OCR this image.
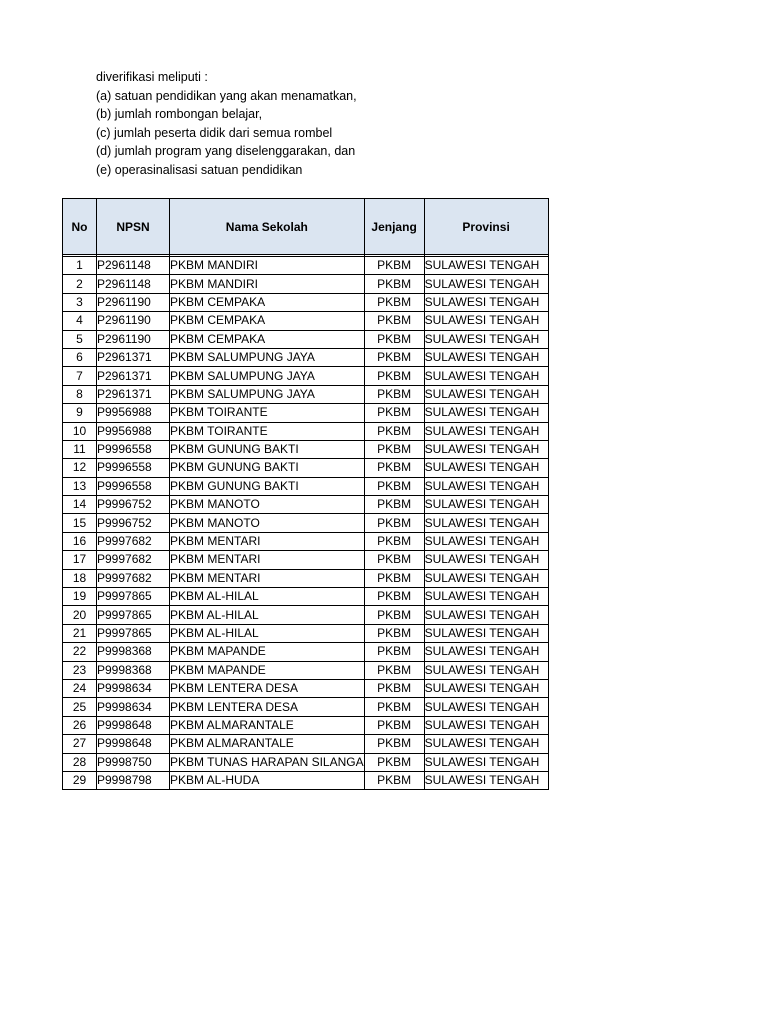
diverifikasi meliputi :
(a) satuan pendidikan yang akan menamatkan,
(b) jumlah rombongan belajar,
(c) jumlah peserta didik dari semua rombel
(d) jumlah program yang diselenggarakan, dan
(e) operasinalisasi satuan pendidikan
No	NPSN	Nama Sekolah	Jenjang	Provinsi

1	P2961148	PKBM MANDIRI	PKBM	SULAWESI TENGAH
2	P2961148	PKBM MANDIRI	PKBM	SULAWESI TENGAH
3	P2961190	PKBM CEMPAKA	PKBM	SULAWESI TENGAH
4	P2961190	PKBM CEMPAKA	PKBM	SULAWESI TENGAH
5	P2961190	PKBM CEMPAKA	PKBM	SULAWESI TENGAH
6	P2961371	PKBM SALUMPUNG JAYA	PKBM	SULAWESI TENGAH
7	P2961371	PKBM SALUMPUNG JAYA	PKBM	SULAWESI TENGAH
8	P2961371	PKBM SALUMPUNG JAYA	PKBM	SULAWESI TENGAH
9	P9956988	PKBM TOIRANTE	PKBM	SULAWESI TENGAH
10	P9956988	PKBM TOIRANTE	PKBM	SULAWESI TENGAH
11	P9996558	PKBM GUNUNG BAKTI	PKBM	SULAWESI TENGAH
12	P9996558	PKBM GUNUNG BAKTI	PKBM	SULAWESI TENGAH
13	P9996558	PKBM GUNUNG BAKTI	PKBM	SULAWESI TENGAH
14	P9996752	PKBM MANOTO	PKBM	SULAWESI TENGAH
15	P9996752	PKBM MANOTO	PKBM	SULAWESI TENGAH
16	P9997682	PKBM MENTARI	PKBM	SULAWESI TENGAH
17	P9997682	PKBM MENTARI	PKBM	SULAWESI TENGAH
18	P9997682	PKBM MENTARI	PKBM	SULAWESI TENGAH
19	P9997865	PKBM AL-HILAL	PKBM	SULAWESI TENGAH
20	P9997865	PKBM AL-HILAL	PKBM	SULAWESI TENGAH
21	P9997865	PKBM AL-HILAL	PKBM	SULAWESI TENGAH
22	P9998368	PKBM MAPANDE	PKBM	SULAWESI TENGAH
23	P9998368	PKBM MAPANDE	PKBM	SULAWESI TENGAH
24	P9998634	PKBM LENTERA DESA	PKBM	SULAWESI TENGAH
25	P9998634	PKBM LENTERA DESA	PKBM	SULAWESI TENGAH
26	P9998648	PKBM ALMARANTALE	PKBM	SULAWESI TENGAH
27	P9998648	PKBM ALMARANTALE	PKBM	SULAWESI TENGAH
28	P9998750	PKBM TUNAS HARAPAN SILANGA	PKBM	SULAWESI TENGAH
29	P9998798	PKBM AL-HUDA	PKBM	SULAWESI TENGAH
